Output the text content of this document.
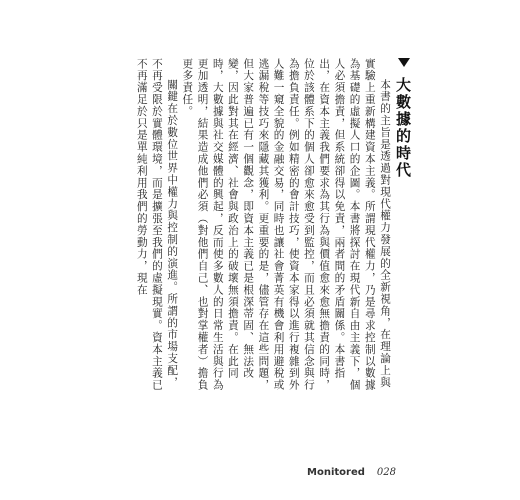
大數據的時代

本書的主旨是透過對現代權力發展的全新視角，在理論上與實驗上重新構建資本主義。所謂現代權力，乃是尋求控制以數據為基礎的虛擬人口的企圖。本書將探討在現代新自由主義下，個人必須擔責，但系統卻得以免責，兩者間的矛盾關係。本書指出，在資本主義我們要求為其行為與價值愈來愈無擔責的同時，位於該體系下的個人卻愈來愈受到監控，而且必須就其信念與行為擔負責任。例如精密的會計技巧，使資本家得以進行複雜到外人難一窺全貌的金融交易，同時也讓社會菁英有機會利用避稅或逃漏稅等技巧來隱藏其獲利。更重要的是，儘管存在這些問題，但大家普遍已有一個觀念，即資本主義已是根深蒂固、無法改變，因此對其在經濟、社會與政治上的破壞無須擔責。在此同時，大數據與社交媒體的興起，反而使多數人的日常生活與行為更加透明，結果造成他們必須（對他們自己、也對掌權者）擔負更多責任。

關鍵在於數位世界中權力與控制的演進。所謂的市場支配，不再受限於實體環境，而是擴張至我們的虛擬現實。資本主義已不再滿足於只是單純利用我們的勞動力，現在

Monitored 028
